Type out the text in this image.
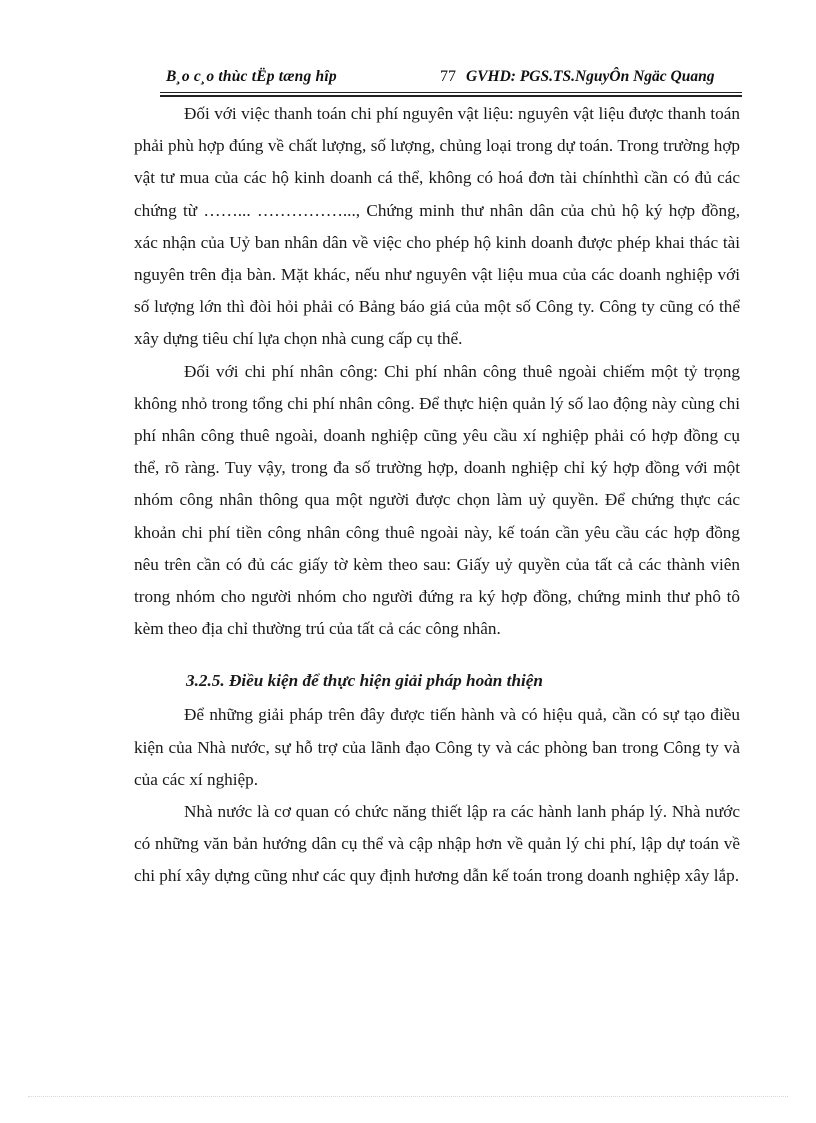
B¸o c¸o thùc tËp tæng hîp	77 GVHD: PGS.TS.NguyÔn Ngäc Quang

Đối với việc thanh toán chi phí nguyên vật liệu: nguyên vật liệu được thanh toán phải phù hợp đúng về chất lượng, số lượng, chủng loại trong dự toán. Trong trường hợp vật tư mua của các hộ kinh doanh cá thể, không có hoá đơn tài chínhthì cần có đủ các chứng từ ……... ……………..., Chứng minh thư nhân dân của chủ hộ ký hợp đồng, xác nhận của Uỷ ban nhân dân về việc cho phép hộ kinh doanh được phép khai thác tài nguyên trên địa bàn. Mặt khác, nếu như nguyên vật liệu mua của các doanh nghiệp với số lượng lớn thì đòi hỏi phải có Bảng báo giá của một số Công ty. Công ty cũng có thể xây dựng tiêu chí lựa chọn nhà cung cấp cụ thể.

Đối với chi phí nhân công: Chi phí nhân công thuê ngoài chiếm một tỷ trọng không nhỏ trong tổng chi phí nhân công. Để thực hiện quản lý số lao động này cùng chi phí nhân công thuê ngoài, doanh nghiệp cũng yêu cầu xí nghiệp phải có hợp đồng cụ thể, rõ ràng. Tuy vậy, trong đa số trường hợp, doanh nghiệp chỉ ký hợp đồng với một nhóm công nhân thông qua một người được chọn làm uỷ quyền. Để chứng thực các khoản chi phí tiền công nhân công thuê ngoài này, kế toán cần yêu cầu các hợp đồng nêu trên cần có đủ các giấy tờ kèm theo sau: Giấy uỷ quyền của tất cả các thành viên trong nhóm cho người nhóm cho người đứng ra ký hợp đồng, chứng minh thư phô tô kèm theo địa chỉ thường trú của tất cả các công nhân.

3.2.5. Điều kiện để thực hiện giải pháp hoàn thiện

Để những giải pháp trên đây được tiến hành và có hiệu quả, cần có sự tạo điều kiện của Nhà nước, sự hỗ trợ của lãnh đạo Công ty và các phòng ban trong Công ty và của các xí nghiệp.

Nhà nước là cơ quan có chức năng thiết lập ra các hành lanh pháp lý. Nhà nước có những văn bản hướng dân cụ thể và cập nhập hơn về quản lý chi phí, lập dự toán về chi phí xây dựng cũng như các quy định hương dẫn kế toán trong doanh nghiệp xây lắp.
